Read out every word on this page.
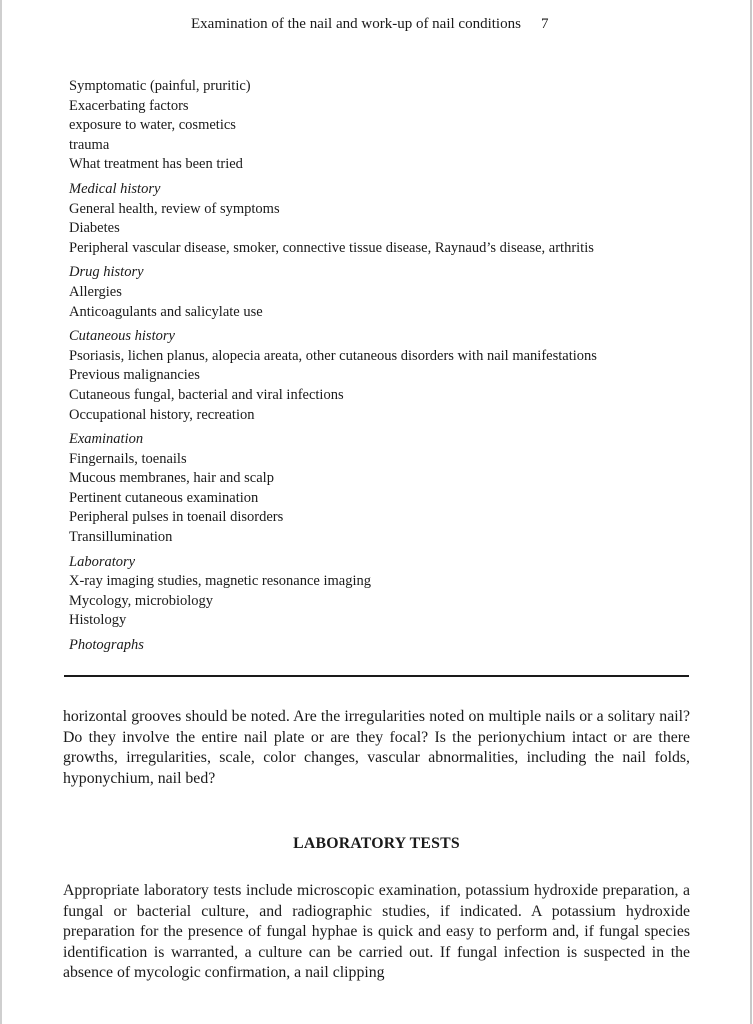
Examination of the nail and work-up of nail conditions 7
Symptomatic (painful, pruritic)
Exacerbating factors
exposure to water, cosmetics
trauma
What treatment has been tried
Medical history
General health, review of symptoms
Diabetes
Peripheral vascular disease, smoker, connective tissue disease, Raynaud’s disease, arthritis
Drug history
Allergies
Anticoagulants and salicylate use
Cutaneous history
Psoriasis, lichen planus, alopecia areata, other cutaneous disorders with nail manifestations
Previous malignancies
Cutaneous fungal, bacterial and viral infections
Occupational history, recreation
Examination
Fingernails, toenails
Mucous membranes, hair and scalp
Pertinent cutaneous examination
Peripheral pulses in toenail disorders
Transillumination
Laboratory
X-ray imaging studies, magnetic resonance imaging
Mycology, microbiology
Histology
Photographs

horizontal grooves should be noted. Are the irregularities noted on multiple nails or a solitary nail? Do they involve the entire nail plate or are they focal? Is the perionychium intact or are there growths, irregularities, scale, color changes, vascular abnormalities, including the nail folds, hyponychium, nail bed?

LABORATORY TESTS

Appropriate laboratory tests include microscopic examination, potassium hydroxide preparation, a fungal or bacterial culture, and radiographic studies, if indicated. A potassium hydroxide preparation for the presence of fungal hyphae is quick and easy to perform and, if fungal species identification is warranted, a culture can be carried out. If fungal infection is suspected in the absence of mycologic confirmation, a nail clipping
